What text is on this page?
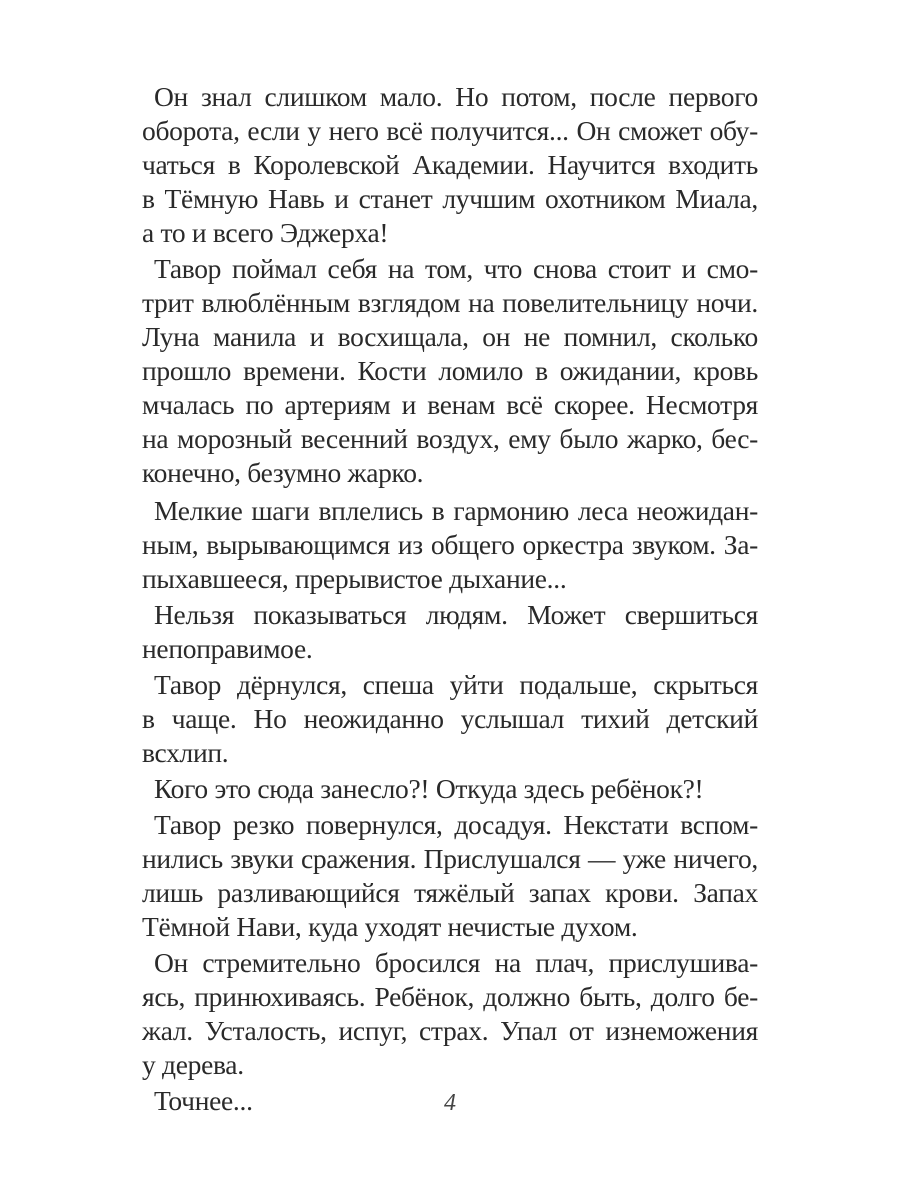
Он знал слишком мало. Но потом, после первого
оборота, если у него всё получится... Он сможет обу-
чаться в Королевской Академии. Научится входить
в Тёмную Навь и станет лучшим охотником Миала,
а то и всего Эджерха!
Тавор поймал себя на том, что снова стоит и смо-
трит влюблённым взглядом на повелительницу ночи.
Луна манила и восхищала, он не помнил, сколько
прошло времени. Кости ломило в ожидании, кровь
мчалась по артериям и венам всё скорее. Несмотря
на морозный весенний воздух, ему было жарко, бес-
конечно, безумно жарко.
Мелкие шаги вплелись в гармонию леса неожидан-
ным, вырывающимся из общего оркестра звуком. За-
пыхавшееся, прерывистое дыхание...
Нельзя показываться людям. Может свершиться
непоправимое.
Тавор дёрнулся, спеша уйти подальше, скрыться
в чаще. Но неожиданно услышал тихий детский
всхлип.
Кого это сюда занесло?! Откуда здесь ребёнок?!
Тавор резко повернулся, досадуя. Некстати вспом-
нились звуки сражения. Прислушался — уже ничего,
лишь разливающийся тяжёлый запах крови. Запах
Тёмной Нави, куда уходят нечистые духом.
Он стремительно бросился на плач, прислушива-
ясь, принюхиваясь. Ребёнок, должно быть, долго бе-
жал. Усталость, испуг, страх. Упал от изнеможения
у дерева.
Точнее...	4
